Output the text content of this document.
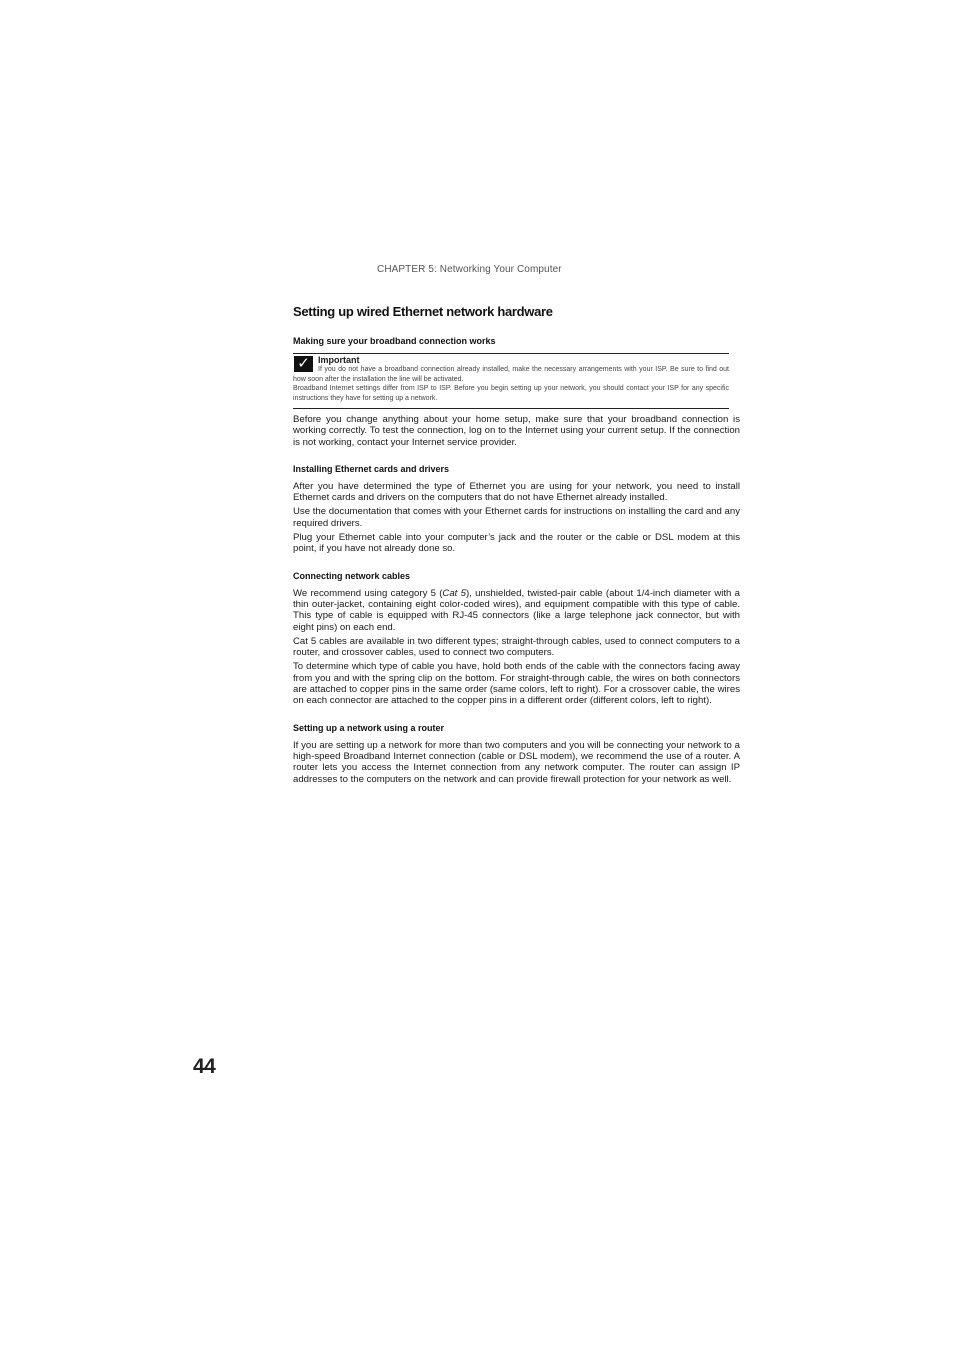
CHAPTER 5: Networking Your Computer
Setting up wired Ethernet network hardware
Making sure your broadband connection works
✓ Important
If you do not have a broadband connection already installed, make the necessary arrangements with your ISP. Be sure to find out how soon after the installation the line will be activated.
Broadband Internet settings differ from ISP to ISP. Before you begin setting up your network, you should contact your ISP for any specific instructions they have for setting up a network.

Before you change anything about your home setup, make sure that your broadband connection is working correctly. To test the connection, log on to the Internet using your current setup. If the connection is not working, contact your Internet service provider.

Installing Ethernet cards and drivers

After you have determined the type of Ethernet you are using for your network, you need to install Ethernet cards and drivers on the computers that do not have Ethernet already installed.

Use the documentation that comes with your Ethernet cards for instructions on installing the card and any required drivers.

Plug your Ethernet cable into your computer’s jack and the router or the cable or DSL modem at this point, if you have not already done so.

Connecting network cables

We recommend using category 5 (Cat 5), unshielded, twisted-pair cable (about 1/4-inch diameter with a thin outer-jacket, containing eight color-coded wires), and equipment compatible with this type of cable. This type of cable is equipped with RJ-45 connectors (like a large telephone jack connector, but with eight pins) on each end.

Cat 5 cables are available in two different types; straight-through cables, used to connect computers to a router, and crossover cables, used to connect two computers.

To determine which type of cable you have, hold both ends of the cable with the connectors facing away from you and with the spring clip on the bottom. For straight-through cable, the wires on both connectors are attached to copper pins in the same order (same colors, left to right). For a crossover cable, the wires on each connector are attached to the copper pins in a different order (different colors, left to right).

Setting up a network using a router

If you are setting up a network for more than two computers and you will be connecting your network to a high-speed Broadband Internet connection (cable or DSL modem), we recommend the use of a router. A router lets you access the Internet connection from any network computer. The router can assign IP addresses to the computers on the network and can provide firewall protection for your network as well.

44
